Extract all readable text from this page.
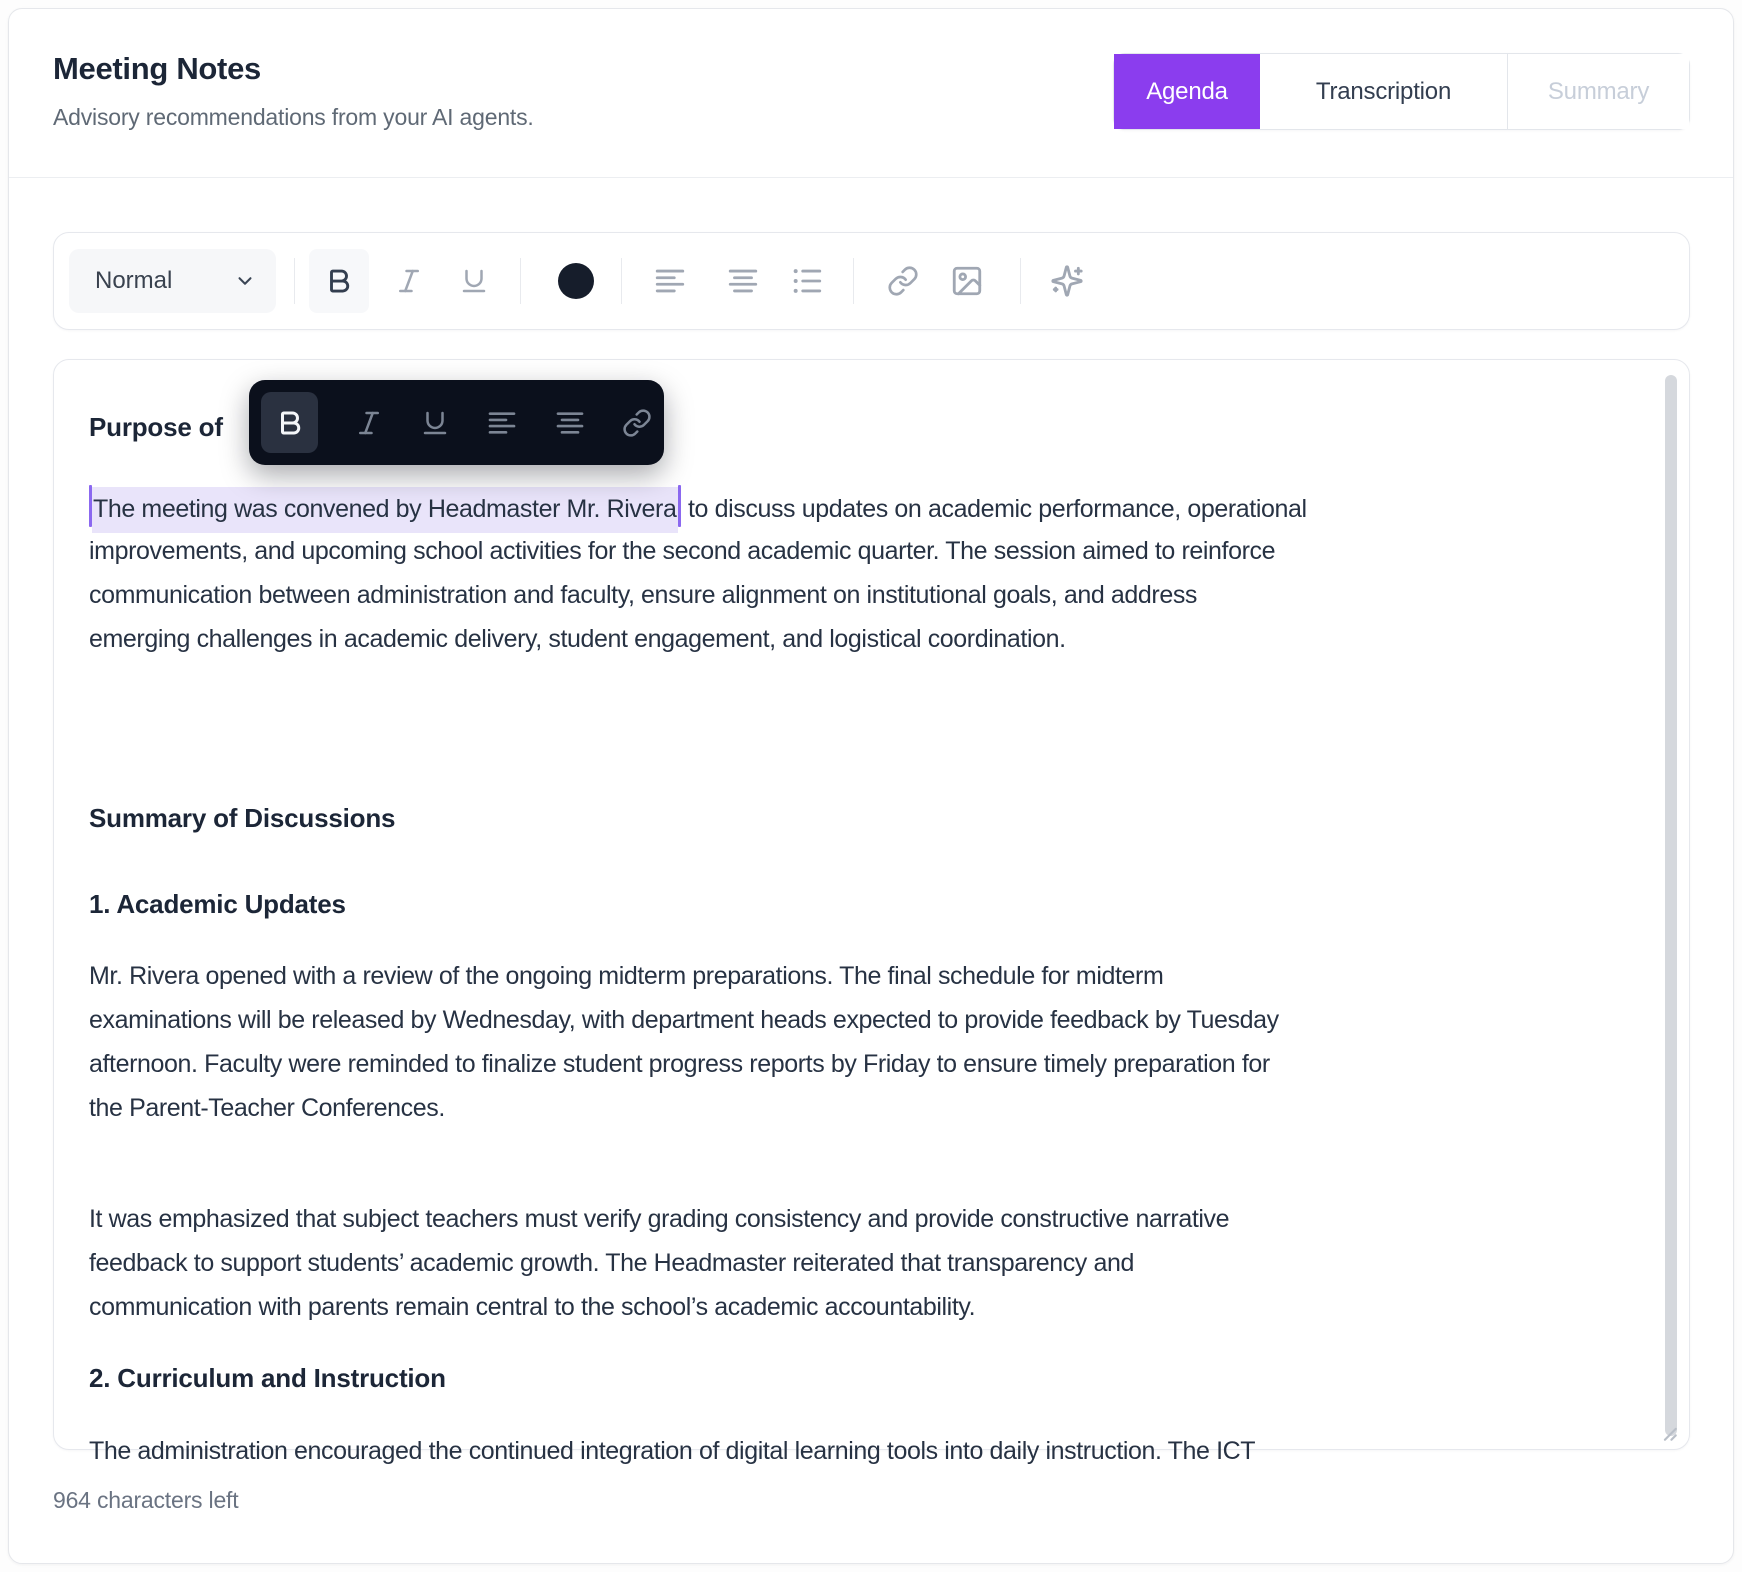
Meeting Notes
Advisory recommendations from your AI agents.
Agenda	Transcription	Summary
Normal
Purpose of

The meeting was convened by Headmaster Mr. Rivera to discuss updates on academic performance, operational
improvements, and upcoming school activities for the second academic quarter. The session aimed to reinforce
communication between administration and faculty, ensure alignment on institutional goals, and address
emerging challenges in academic delivery, student engagement, and logistical coordination.

Summary of Discussions
1. Academic Updates

Mr. Rivera opened with a review of the ongoing midterm preparations. The final schedule for midterm
examinations will be released by Wednesday, with department heads expected to provide feedback by Tuesday
afternoon. Faculty were reminded to finalize student progress reports by Friday to ensure timely preparation for
the Parent-Teacher Conferences.

It was emphasized that subject teachers must verify grading consistency and provide constructive narrative
feedback to support students’ academic growth. The Headmaster reiterated that transparency and
communication with parents remain central to the school’s academic accountability.

2. Curriculum and Instruction

The administration encouraged the continued integration of digital learning tools into daily instruction. The ICT

964 characters left
